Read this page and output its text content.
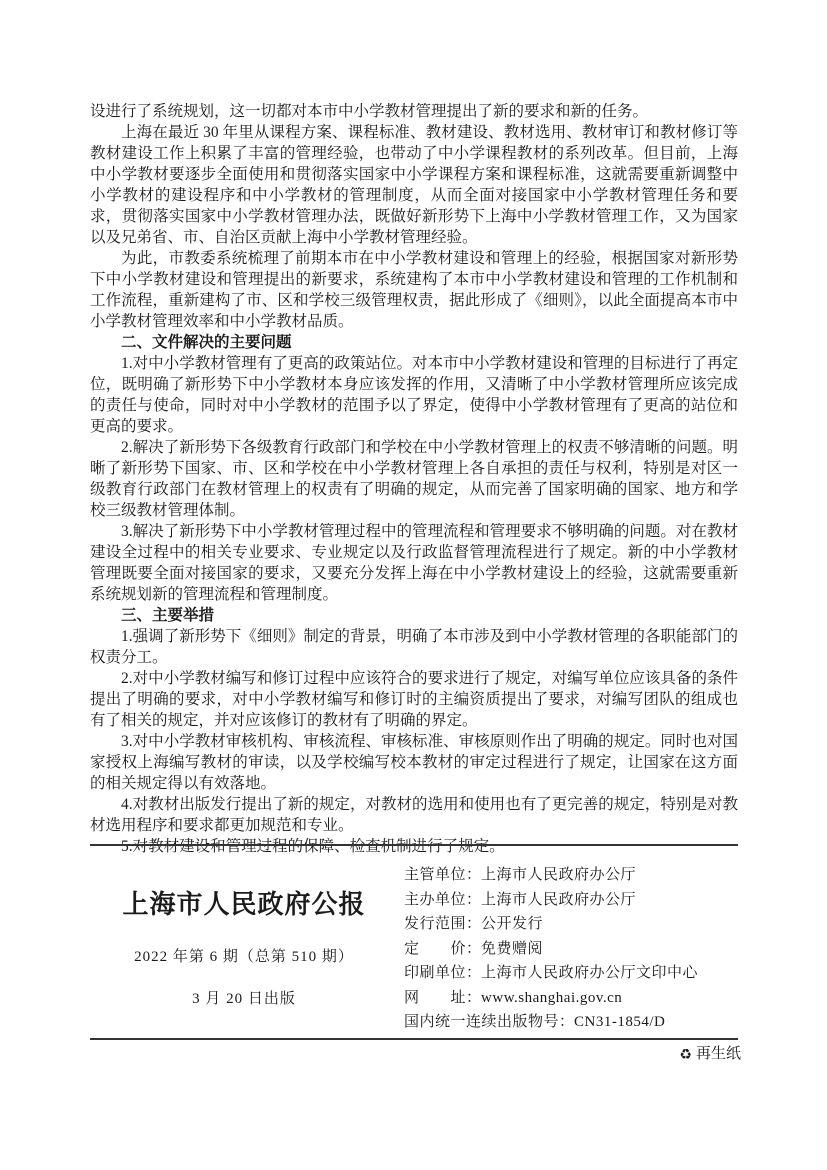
设进行了系统规划，这一切都对本市中小学教材管理提出了新的要求和新的任务。

上海在最近 30 年里从课程方案、课程标准、教材建设、教材选用、教材审订和教材修订等教材建设工作上积累了丰富的管理经验，也带动了中小学课程教材的系列改革。但目前，上海中小学教材要逐步全面使用和贯彻落实国家中小学课程方案和课程标准，这就需要重新调整中小学教材的建设程序和中小学教材的管理制度，从而全面对接国家中小学教材管理任务和要求，贯彻落实国家中小学教材管理办法，既做好新形势下上海中小学教材管理工作，又为国家以及兄弟省、市、自治区贡献上海中小学教材管理经验。

为此，市教委系统梳理了前期本市在中小学教材建设和管理上的经验，根据国家对新形势下中小学教材建设和管理提出的新要求，系统建构了本市中小学教材建设和管理的工作机制和工作流程，重新建构了市、区和学校三级管理权责，据此形成了《细则》，以此全面提高本市中小学教材管理效率和中小学教材品质。

二、文件解决的主要问题

1.对中小学教材管理有了更高的政策站位。对本市中小学教材建设和管理的目标进行了再定位，既明确了新形势下中小学教材本身应该发挥的作用，又清晰了中小学教材管理所应该完成的责任与使命，同时对中小学教材的范围予以了界定，使得中小学教材管理有了更高的站位和更高的要求。

2.解决了新形势下各级教育行政部门和学校在中小学教材管理上的权责不够清晰的问题。明晰了新形势下国家、市、区和学校在中小学教材管理上各自承担的责任与权利，特别是对区一级教育行政部门在教材管理上的权责有了明确的规定，从而完善了国家明确的国家、地方和学校三级教材管理体制。

3.解决了新形势下中小学教材管理过程中的管理流程和管理要求不够明确的问题。对在教材建设全过程中的相关专业要求、专业规定以及行政监督管理流程进行了规定。新的中小学教材管理既要全面对接国家的要求，又要充分发挥上海在中小学教材建设上的经验，这就需要重新系统规划新的管理流程和管理制度。

三、主要举措

1.强调了新形势下《细则》制定的背景，明确了本市涉及到中小学教材管理的各职能部门的权责分工。

2.对中小学教材编写和修订过程中应该符合的要求进行了规定，对编写单位应该具备的条件提出了明确的要求，对中小学教材编写和修订时的主编资质提出了要求，对编写团队的组成也有了相关的规定，并对应该修订的教材有了明确的界定。

3.对中小学教材审核机构、审核流程、审核标准、审核原则作出了明确的规定。同时也对国家授权上海编写教材的审读，以及学校编写校本教材的审定过程进行了规定，让国家在这方面的相关规定得以有效落地。

4.对教材出版发行提出了新的规定，对教材的选用和使用也有了更完善的规定，特别是对教材选用程序和要求都更加规范和专业。

5.对教材建设和管理过程的保障、检查机制进行了规定。

上海市人民政府公报
2022 年第 6 期（总第 510 期）
3 月 20 日出版
主管单位：上海市人民政府办公厅
主办单位：上海市人民政府办公厅
发行范围：公开发行
定　　价：免费赠阅
印刷单位：上海市人民政府办公厅文印中心
网　　址：www.shanghai.gov.cn
国内统一连续出版物号：CN31-1854/D
♻ 再生纸
